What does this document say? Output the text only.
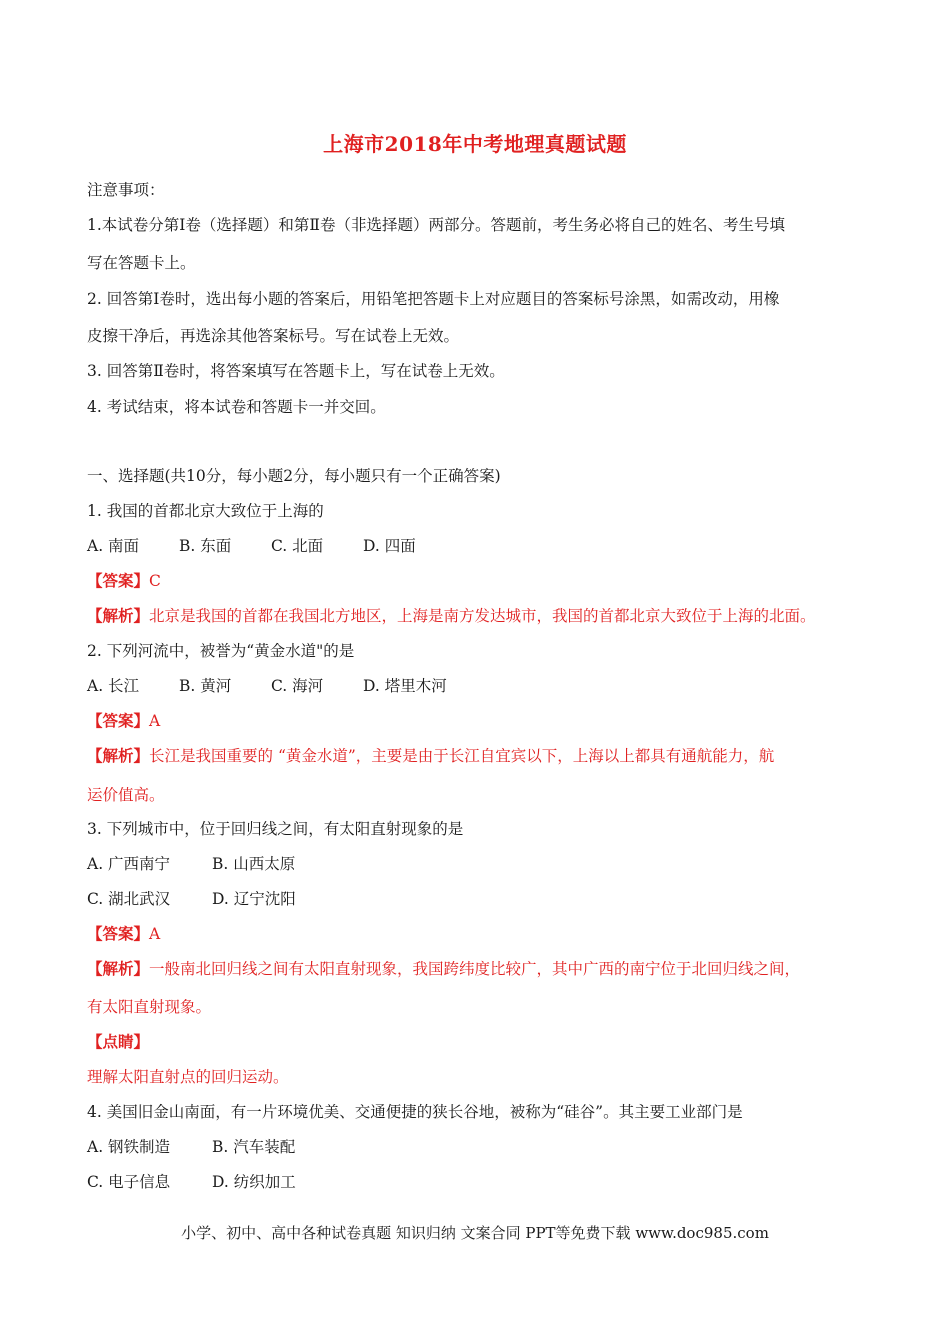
上海市2018年中考地理真题试题
注意事项：
1.本试卷分第Ⅰ卷（选择题）和第Ⅱ卷（非选择题）两部分。答题前，考生务必将自己的姓名、考生号填
写在答题卡上。
2. 回答第Ⅰ卷时，选出每小题的答案后，用铅笔把答题卡上对应题目的答案标号涂黑，如需改动，用橡
皮擦干净后，再选涂其他答案标号。写在试卷上无效。
3. 回答第Ⅱ卷时，将答案填写在答题卡上，写在试卷上无效。
4. 考试结束，将本试卷和答题卡一并交回。
一、选择题(共10分，每小题2分，每小题只有一个正确答案)
1. 我国的首都北京大致位于上海的
A. 南面	B. 东面	C. 北面	D. 四面
【答案】C
【解析】北京是我国的首都在我国北方地区，上海是南方发达城市，我国的首都北京大致位于上海的北面。
2. 下列河流中，被誉为“黄金水道"的是
A. 长江	B. 黄河	C. 海河	D. 塔里木河
【答案】A
【解析】长江是我国重要的 “黄金水道”，主要是由于长江自宜宾以下，上海以上都具有通航能力，航
运价值高。
3. 下列城市中，位于回归线之间，有太阳直射现象的是
A. 广西南宁	B. 山西太原
C. 湖北武汉	D. 辽宁沈阳
【答案】A
【解析】一般南北回归线之间有太阳直射现象，我国跨纬度比较广，其中广西的南宁位于北回归线之间，
有太阳直射现象。
【点睛】
理解太阳直射点的回归运动。
4. 美国旧金山南面，有一片环境优美、交通便捷的狭长谷地，被称为“硅谷”。其主要工业部门是
A. 钢铁制造	B. 汽车装配
C. 电子信息	D. 纺织加工
小学、初中、高中各种试卷真题 知识归纳 文案合同 PPT等免费下载 www.doc985.com
